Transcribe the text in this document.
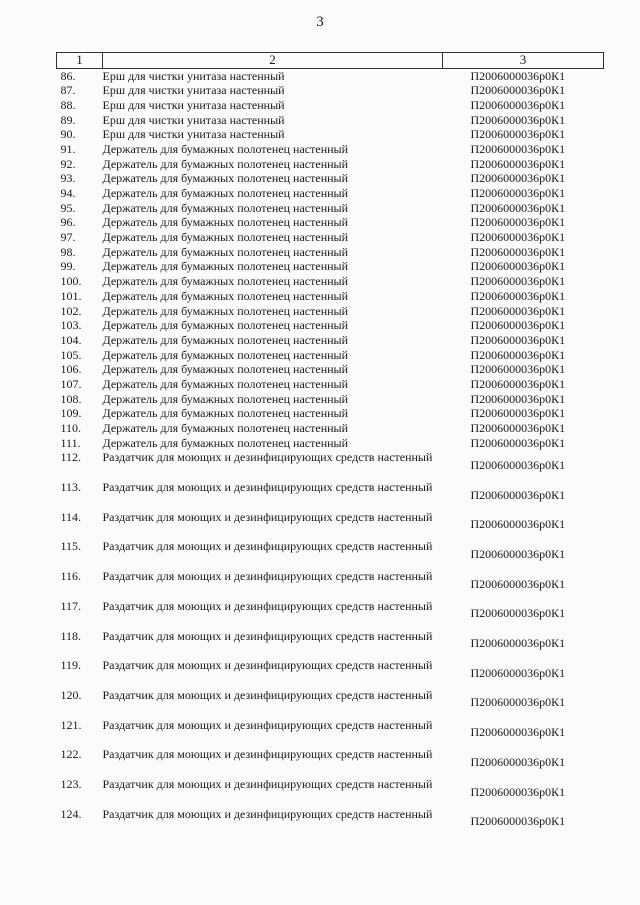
3
1	2	3
86.	Ерш для чистки унитаза настенный	П2006000036р0К1
87.	Ерш для чистки унитаза настенный	П2006000036р0К1
88.	Ерш для чистки унитаза настенный	П2006000036р0К1
89.	Ерш для чистки унитаза настенный	П2006000036р0К1
90.	Ерш для чистки унитаза настенный	П2006000036р0К1
91.	Держатель для бумажных полотенец настенный	П2006000036р0К1
92.	Держатель для бумажных полотенец настенный	П2006000036р0К1
93.	Держатель для бумажных полотенец настенный	П2006000036р0К1
94.	Держатель для бумажных полотенец настенный	П2006000036р0К1
95.	Держатель для бумажных полотенец настенный	П2006000036р0К1
96.	Держатель для бумажных полотенец настенный	П2006000036р0К1
97.	Держатель для бумажных полотенец настенный	П2006000036р0К1
98.	Держатель для бумажных полотенец настенный	П2006000036р0К1
99.	Держатель для бумажных полотенец настенный	П2006000036р0К1
100.	Держатель для бумажных полотенец настенный	П2006000036р0К1
101.	Держатель для бумажных полотенец настенный	П2006000036р0К1
102.	Держатель для бумажных полотенец настенный	П2006000036р0К1
103.	Держатель для бумажных полотенец настенный	П2006000036р0К1
104.	Держатель для бумажных полотенец настенный	П2006000036р0К1
105.	Держатель для бумажных полотенец настенный	П2006000036р0К1
106.	Держатель для бумажных полотенец настенный	П2006000036р0К1
107.	Держатель для бумажных полотенец настенный	П2006000036р0К1
108.	Держатель для бумажных полотенец настенный	П2006000036р0К1
109.	Держатель для бумажных полотенец настенный	П2006000036р0К1
110.	Держатель для бумажных полотенец настенный	П2006000036р0К1
111.	Держатель для бумажных полотенец настенный	П2006000036р0К1
112.	Раздатчик для моющих и дезинфицирующих средств настенный	П2006000036р0К1
113.	Раздатчик для моющих и дезинфицирующих средств настенный	П2006000036р0К1
114.	Раздатчик для моющих и дезинфицирующих средств настенный	П2006000036р0К1
115.	Раздатчик для моющих и дезинфицирующих средств настенный	П2006000036р0К1
116.	Раздатчик для моющих и дезинфицирующих средств настенный	П2006000036р0К1
117.	Раздатчик для моющих и дезинфицирующих средств настенный	П2006000036р0К1
118.	Раздатчик для моющих и дезинфицирующих средств настенный	П2006000036р0К1
119.	Раздатчик для моющих и дезинфицирующих средств настенный	П2006000036р0К1
120.	Раздатчик для моющих и дезинфицирующих средств настенный	П2006000036р0К1
121.	Раздатчик для моющих и дезинфицирующих средств настенный	П2006000036р0К1
122.	Раздатчик для моющих и дезинфицирующих средств настенный	П2006000036р0К1
123.	Раздатчик для моющих и дезинфицирующих средств настенный	П2006000036р0К1
124.	Раздатчик для моющих и дезинфицирующих средств настенный	П2006000036р0К1
